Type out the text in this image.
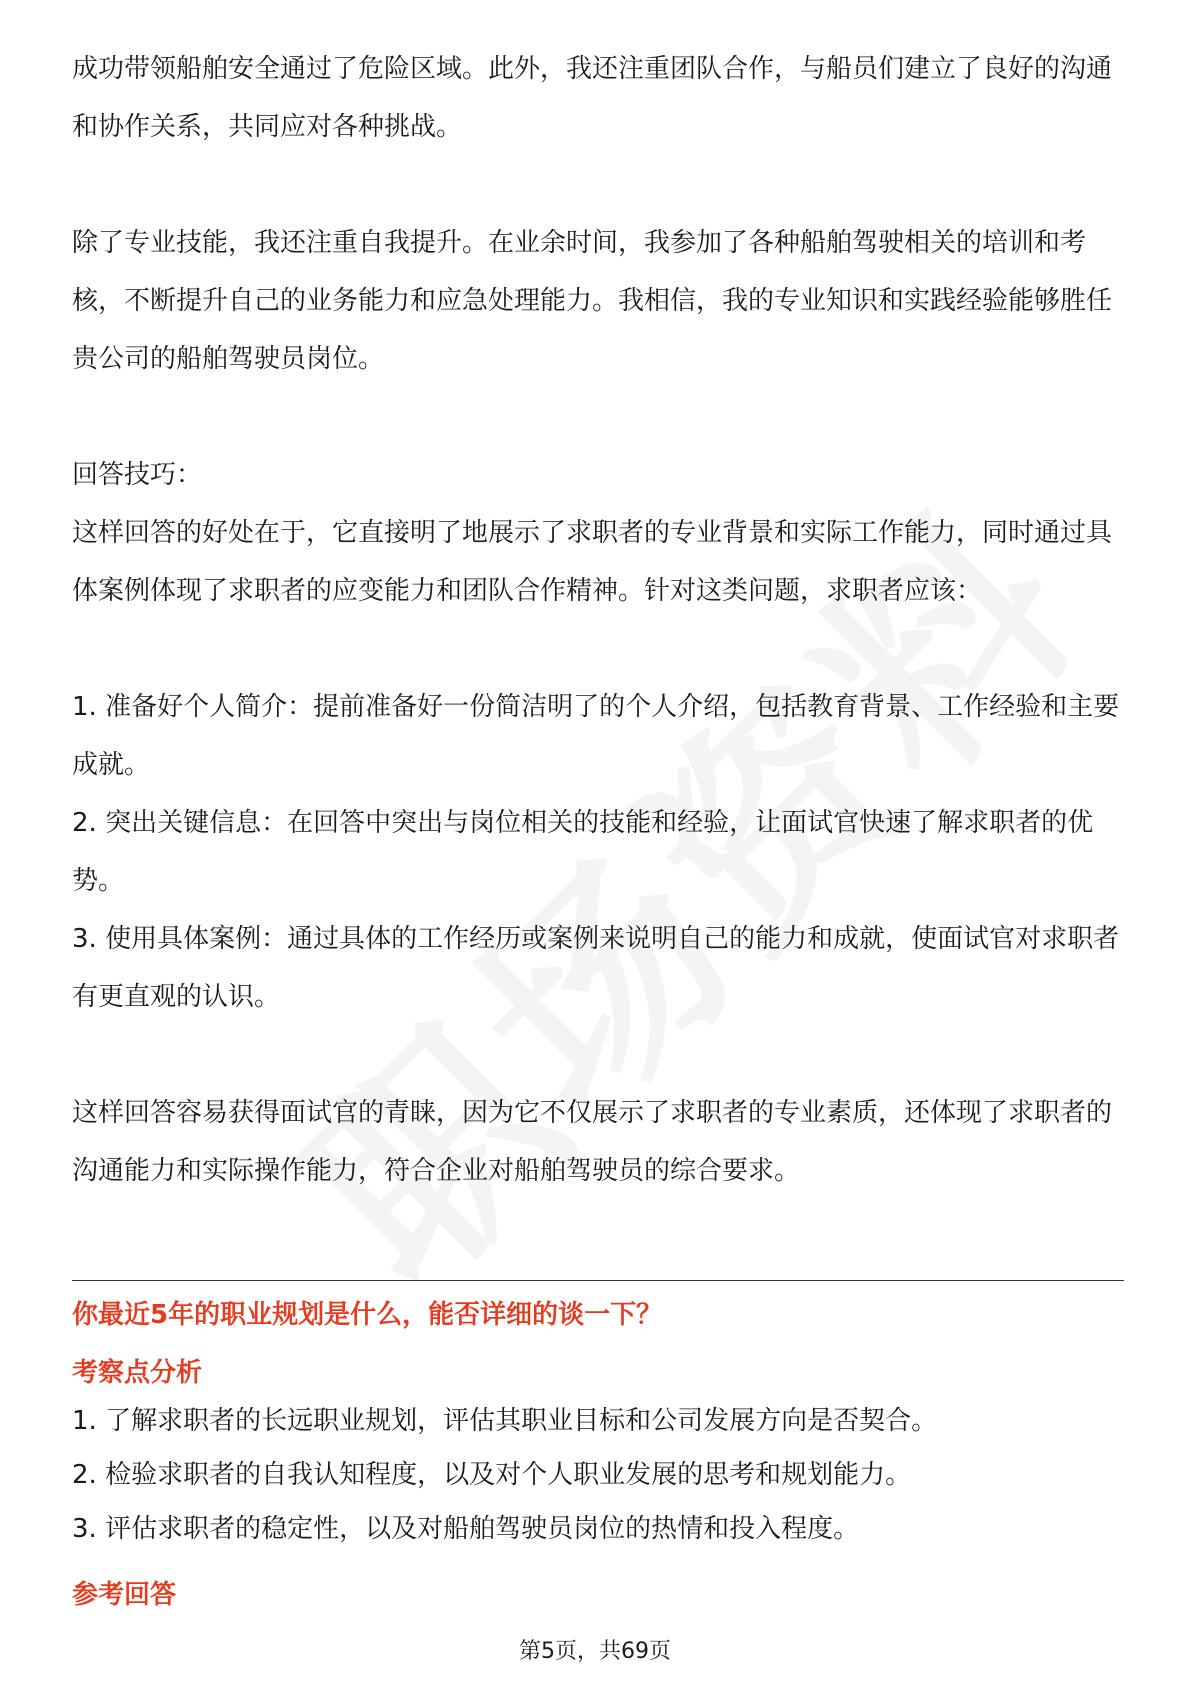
成功带领船舶安全通过了危险区域。此外，我还注重团队合作，与船员们建立了良好的沟通和协作关系，共同应对各种挑战。

除了专业技能，我还注重自我提升。在业余时间，我参加了各种船舶驾驶相关的培训和考核，不断提升自己的业务能力和应急处理能力。我相信，我的专业知识和实践经验能够胜任贵公司的船舶驾驶员岗位。

回答技巧：

这样回答的好处在于，它直接明了地展示了求职者的专业背景和实际工作能力，同时通过具体案例体现了求职者的应变能力和团队合作精神。针对这类问题，求职者应该：

1. 准备好个人简介：提前准备好一份简洁明了的个人介绍，包括教育背景、工作经验和主要成就。

2. 突出关键信息：在回答中突出与岗位相关的技能和经验，让面试官快速了解求职者的优势。

3. 使用具体案例：通过具体的工作经历或案例来说明自己的能力和成就，使面试官对求职者有更直观的认识。

这样回答容易获得面试官的青睐，因为它不仅展示了求职者的专业素质，还体现了求职者的沟通能力和实际操作能力，符合企业对船舶驾驶员的综合要求。

你最近5年的职业规划是什么，能否详细的谈一下？

考察点分析

1. 了解求职者的长远职业规划，评估其职业目标和公司发展方向是否契合。

2. 检验求职者的自我认知程度，以及对个人职业发展的思考和规划能力。

3. 评估求职者的稳定性，以及对船舶驾驶员岗位的热情和投入程度。

参考回答

第5页，共69页
